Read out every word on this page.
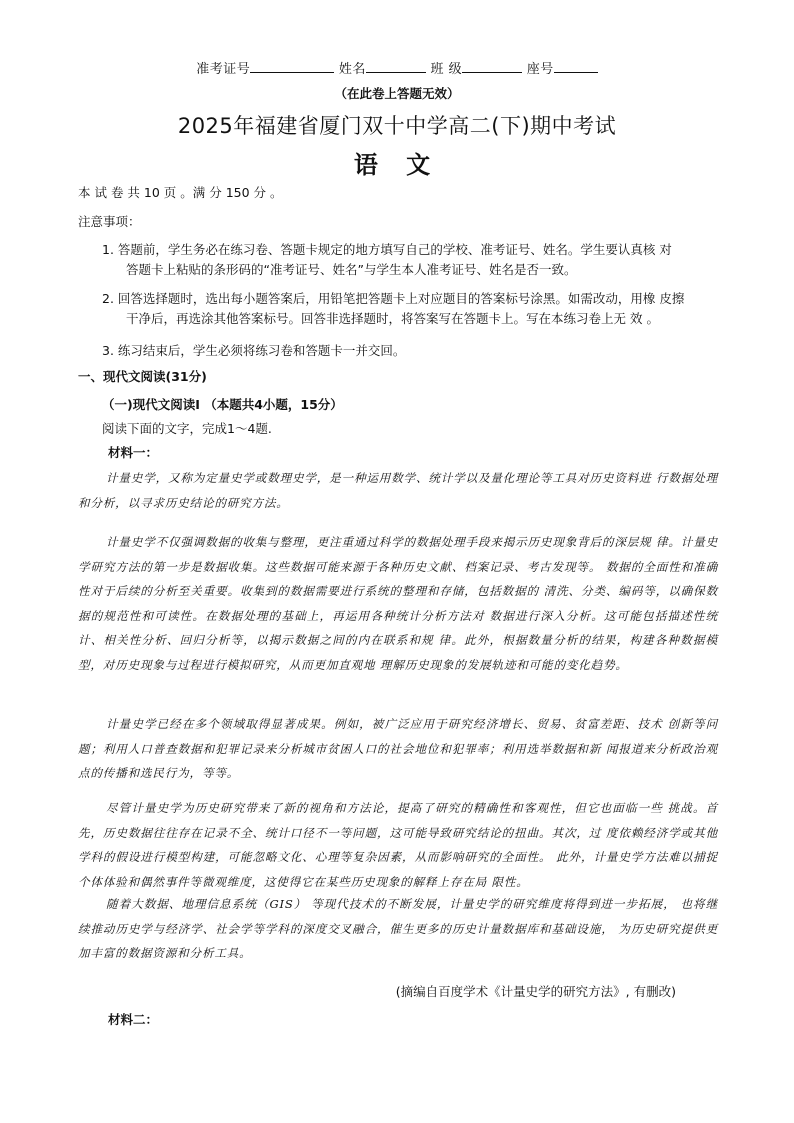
准考证号	姓名	班 级	座号
（在此卷上答题无效）
2025年福建省厦门双十中学高二(下)期中考试
语 文
本 试 卷 共 10 页 。满 分 150 分 。
注意事项：
1. 答题前，学生务必在练习卷、答题卡规定的地方填写自己的学校、准考证号、姓名。学生要认真核 对
答题卡上粘贴的条形码的“准考证号、姓名”与学生本人准考证号、姓名是否一致。
2. 回答选择题时，选出每小题答案后，用铅笔把答题卡上对应题目的答案标号涂黑。如需改动，用橡 皮擦
干净后，再选涂其他答案标号。回答非选择题时，将答案写在答题卡上。写在本练习卷上无 效 。
3. 练习结束后，学生必须将练习卷和答题卡一并交回。
一、现代文阅读(31分)
（一)现代文阅读I （本题共4小题，15分）
阅读下面的文字，完成1～4题.
材料一：
计量史学，又称为定量史学或数理史学，是一种运用数学、统计学以及量化理论等工具对历史资料进 行数据处理和分析，以寻求历史结论的研究方法。
计量史学不仅强调数据的收集与整理，更注重通过科学的数据处理手段来揭示历史现象背后的深层规 律。计量史学研究方法的第一步是数据收集。这些数据可能来源于各种历史文献、档案记录、考古发现等。 数据的全面性和准确性对于后续的分析至关重要。收集到的数据需要进行系统的整理和存储，包括数据的 清洗、分类、编码等，以确保数据的规范性和可读性。在数据处理的基础上，再运用各种统计分析方法对 数据进行深入分析。这可能包括描述性统计、相关性分析、回归分析等，以揭示数据之间的内在联系和规 律。此外，根据数量分析的结果，构建各种数据模型，对历史现象与过程进行模拟研究，从而更加直观地 理解历史现象的发展轨迹和可能的变化趋势。
计量史学已经在多个领域取得显著成果。例如，被广泛应用于研究经济增长、贸易、贫富差距、技术 创新等问题；利用人口普查数据和犯罪记录来分析城市贫困人口的社会地位和犯罪率；利用选举数据和新 闻报道来分析政治观点的传播和选民行为，等等。
尽管计量史学为历史研究带来了新的视角和方法论，提高了研究的精确性和客观性，但它也面临一些 挑战。首先，历史数据往往存在记录不全、统计口径不一等问题，这可能导致研究结论的扭曲。其次，过 度依赖经济学或其他学科的假设进行模型构建，可能忽略文化、心理等复杂因素，从而影响研究的全面性。 此外，计量史学方法难以捕捉个体体验和偶然事件等微观维度，这使得它在某些历史现象的解释上存在局 限性。
随着大数据、地理信息系统（GIS） 等现代技术的不断发展，计量史学的研究维度将得到进一步拓展， 也将继续推动历史学与经济学、社会学等学科的深度交叉融合，催生更多的历史计量数据库和基础设施， 为历史研究提供更加丰富的数据资源和分析工具。
(摘编自百度学术《计量史学的研究方法》, 有删改)
材料二：
